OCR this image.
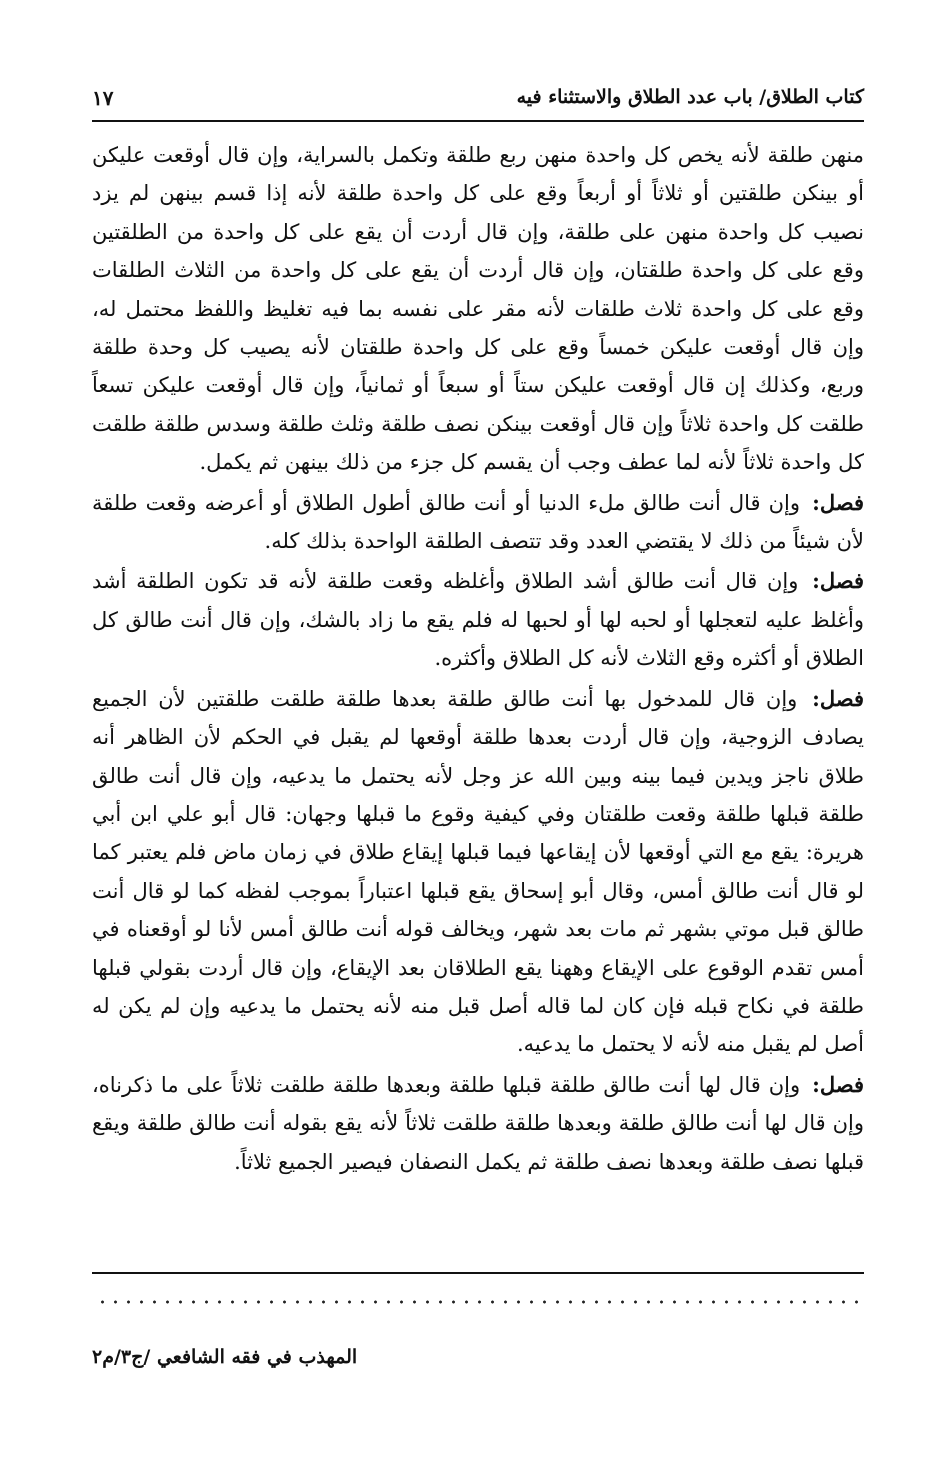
كتاب الطلاق/ باب عدد الطلاق والاستثناء فيه
١٧

منهن طلقة لأنه يخص كل واحدة منهن ربع طلقة وتكمل بالسراية، وإن قال أوقعت عليكن أو بينكن طلقتين أو ثلاثاً أو أربعاً وقع على كل واحدة طلقة لأنه إذا قسم بينهن لم يزد نصيب كل واحدة منهن على طلقة، وإن قال أردت أن يقع على كل واحدة من الطلقتين وقع على كل واحدة طلقتان، وإن قال أردت أن يقع على كل واحدة من الثلاث الطلقات وقع على كل واحدة ثلاث طلقات لأنه مقر على نفسه بما فيه تغليظ واللفظ محتمل له، وإن قال أوقعت عليكن خمساً وقع على كل واحدة طلقتان لأنه يصيب كل وحدة طلقة وربع، وكذلك إن قال أوقعت عليكن ستاً أو سبعاً أو ثمانياً، وإن قال أوقعت عليكن تسعاً طلقت كل واحدة ثلاثاً وإن قال أوقعت بينكن نصف طلقة وثلث طلقة وسدس طلقة طلقت كل واحدة ثلاثاً لأنه لما عطف وجب أن يقسم كل جزء من ذلك بينهن ثم يكمل.

فصل: وإن قال أنت طالق ملء الدنيا أو أنت طالق أطول الطلاق أو أعرضه وقعت طلقة لأن شيئاً من ذلك لا يقتضي العدد وقد تتصف الطلقة الواحدة بذلك كله.

فصل: وإن قال أنت طالق أشد الطلاق وأغلظه وقعت طلقة لأنه قد تكون الطلقة أشد وأغلظ عليه لتعجلها أو لحبه لها أو لحبها له فلم يقع ما زاد بالشك، وإن قال أنت طالق كل الطلاق أو أكثره وقع الثلاث لأنه كل الطلاق وأكثره.

فصل: وإن قال للمدخول بها أنت طالق طلقة بعدها طلقة طلقت طلقتين لأن الجميع يصادف الزوجية، وإن قال أردت بعدها طلقة أوقعها لم يقبل في الحكم لأن الظاهر أنه طلاق ناجز ويدين فيما بينه وبين الله عز وجل لأنه يحتمل ما يدعيه، وإن قال أنت طالق طلقة قبلها طلقة وقعت طلقتان وفي كيفية وقوع ما قبلها وجهان: قال أبو علي ابن أبي هريرة: يقع مع التي أوقعها لأن إيقاعها فيما قبلها إيقاع طلاق في زمان ماض فلم يعتبر كما لو قال أنت طالق أمس، وقال أبو إسحاق يقع قبلها اعتباراً بموجب لفظه كما لو قال أنت طالق قبل موتي بشهر ثم مات بعد شهر، ويخالف قوله أنت طالق أمس لأنا لو أوقعناه في أمس تقدم الوقوع على الإيقاع وههنا يقع الطلاقان بعد الإيقاع، وإن قال أردت بقولي قبلها طلقة في نكاح قبله فإن كان لما قاله أصل قبل منه لأنه يحتمل ما يدعيه وإن لم يكن له أصل لم يقبل منه لأنه لا يحتمل ما يدعيه.

فصل: وإن قال لها أنت طالق طلقة قبلها طلقة وبعدها طلقة طلقت ثلاثاً على ما ذكرناه، وإن قال لها أنت طالق طلقة وبعدها طلقة طلقت ثلاثاً لأنه يقع بقوله أنت طالق طلقة ويقع قبلها نصف طلقة وبعدها نصف طلقة ثم يكمل النصفان فيصير الجميع ثلاثاً.

المهذب في فقه الشافعي /ج٣/م٢
